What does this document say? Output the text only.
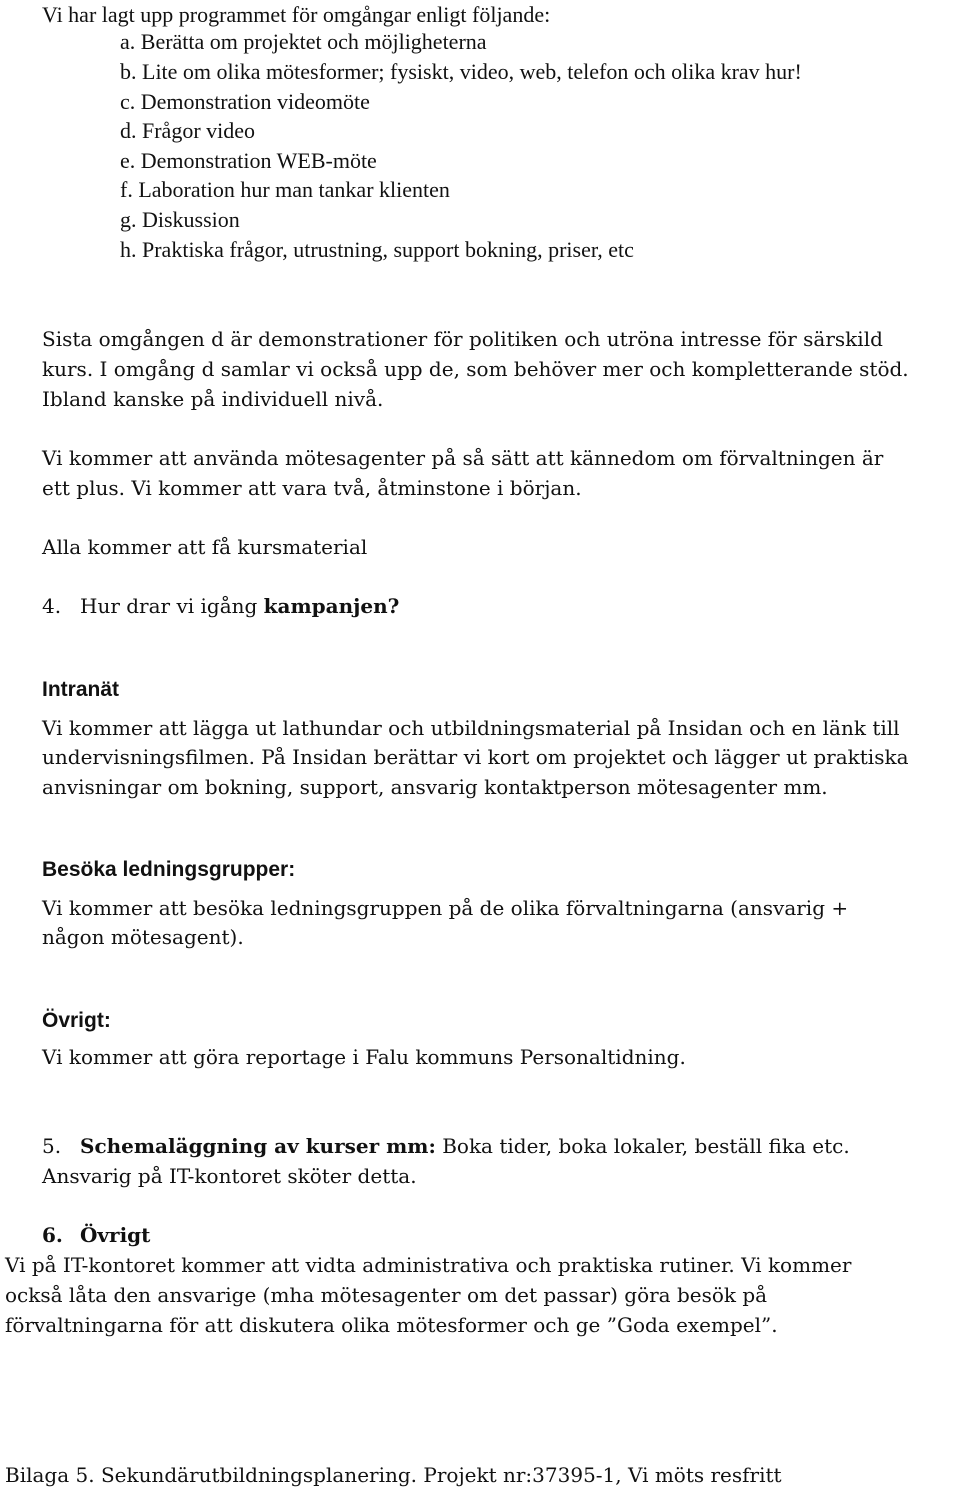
Vi har lagt upp programmet för omgångar enligt följande:
a. Berätta om projektet och möjligheterna
b. Lite om olika mötesformer; fysiskt, video, web, telefon och olika krav hur!
c. Demonstration videomöte
d. Frågor video
e. Demonstration WEB-möte
f. Laboration hur man tankar klienten
g. Diskussion
h. Praktiska frågor, utrustning, support bokning, priser, etc
Sista omgången d är demonstrationer för politiken och utröna intresse för särskild
kurs. I omgång d samlar vi också upp de, som behöver mer och kompletterande stöd.
Ibland kanske på individuell nivå.
Vi kommer att använda mötesagenter på så sätt att kännedom om förvaltningen är
ett plus. Vi kommer att vara två, åtminstone i början.
Alla kommer att få kursmaterial
4. Hur drar vi igång kampanjen?
Intranät
Vi kommer att lägga ut lathundar och utbildningsmaterial på Insidan och en länk till
undervisningsfilmen. På Insidan berättar vi kort om projektet och lägger ut praktiska
anvisningar om bokning, support, ansvarig kontaktperson mötesagenter mm.
Besöka ledningsgrupper:
Vi kommer att besöka ledningsgruppen på de olika förvaltningarna (ansvarig +
någon mötesagent).
Övrigt:
Vi kommer att göra reportage i Falu kommuns Personaltidning.
5. Schemaläggning av kurser mm: Boka tider, boka lokaler, beställ fika etc.
Ansvarig på IT-kontoret sköter detta.
6. Övrigt
Vi på IT-kontoret kommer att vidta administrativa och praktiska rutiner. Vi kommer
också låta den ansvarige (mha mötesagenter om det passar) göra besök på
förvaltningarna för att diskutera olika mötesformer och ge ”Goda exempel”.
Bilaga 5. Sekundärutbildningsplanering. Projekt nr:37395-1, Vi möts resfritt
